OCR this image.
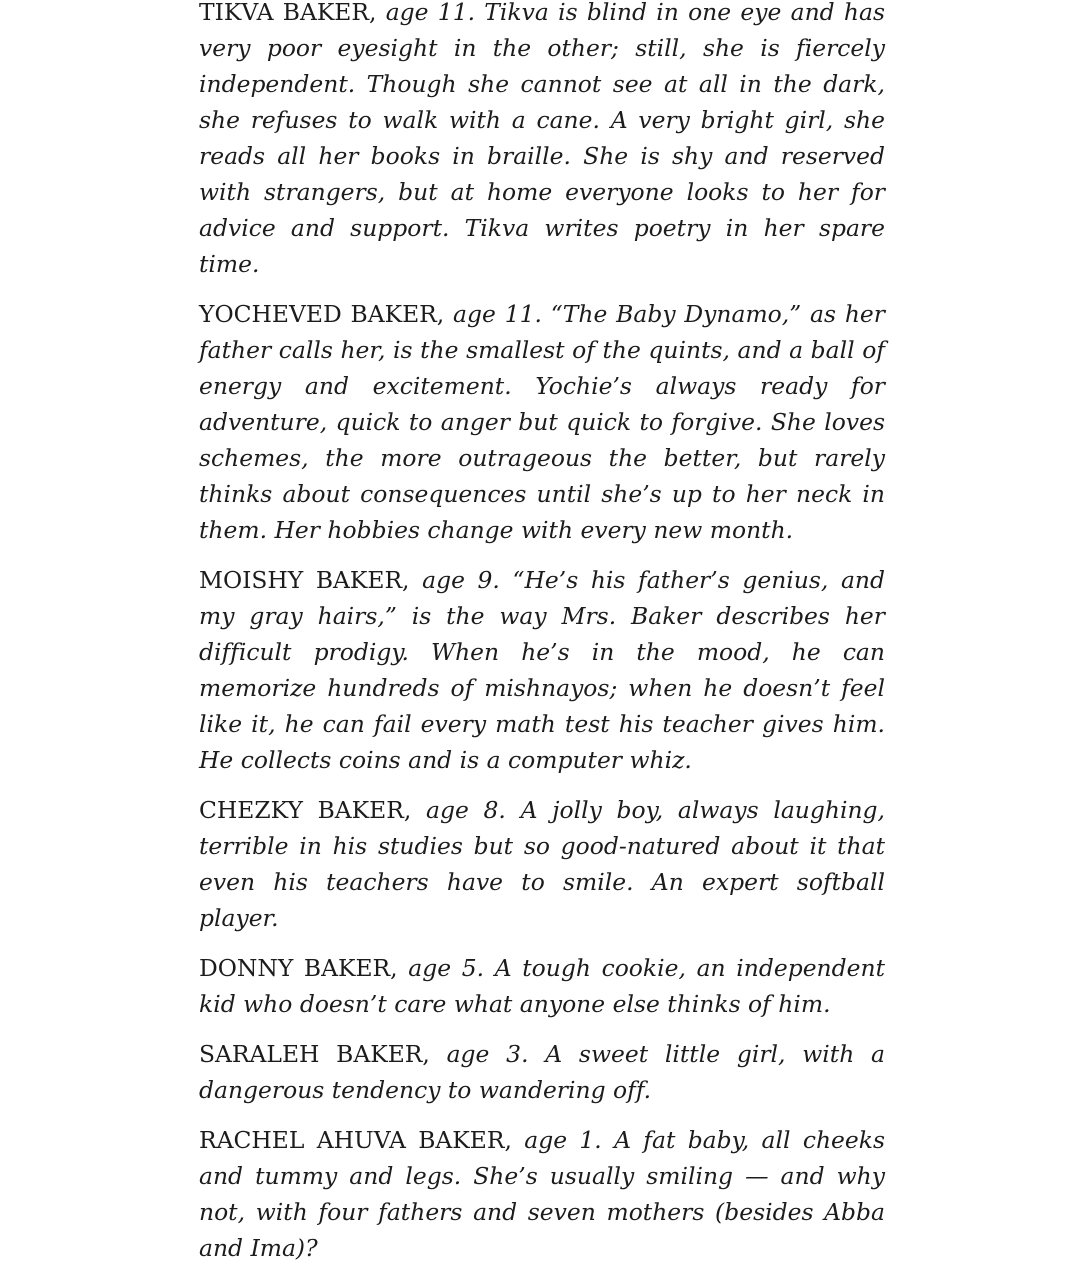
TIKVA BAKER, age 11. Tikva is blind in one eye and has very poor eyesight in the other; still, she is fiercely independent. Though she cannot see at all in the dark, she refuses to walk with a cane. A very bright girl, she reads all her books in braille. She is shy and reserved with strangers, but at home everyone looks to her for advice and support. Tikva writes poetry in her spare time.

YOCHEVED BAKER, age 11. “The Baby Dynamo,” as her father calls her, is the smallest of the quints, and a ball of energy and excitement. Yochie’s always ready for adventure, quick to anger but quick to forgive. She loves schemes, the more outrageous the better, but rarely thinks about consequences until she’s up to her neck in them. Her hobbies change with every new month.

MOISHY BAKER, age 9. “He’s his father’s genius, and my gray hairs,” is the way Mrs. Baker describes her difficult prodigy. When he’s in the mood, he can memorize hundreds of mishnayos; when he doesn’t feel like it, he can fail every math test his teacher gives him. He collects coins and is a computer whiz.

CHEZKY BAKER, age 8. A jolly boy, always laughing, terrible in his studies but so good-natured about it that even his teachers have to smile. An expert softball player.

DONNY BAKER, age 5. A tough cookie, an independent kid who doesn’t care what anyone else thinks of him.

SARALEH BAKER, age 3. A sweet little girl, with a dangerous tendency to wandering off.

RACHEL AHUVA BAKER, age 1. A fat baby, all cheeks and tummy and legs. She’s usually smiling — and why not, with four fathers and seven mothers (besides Abba and Ima)?
